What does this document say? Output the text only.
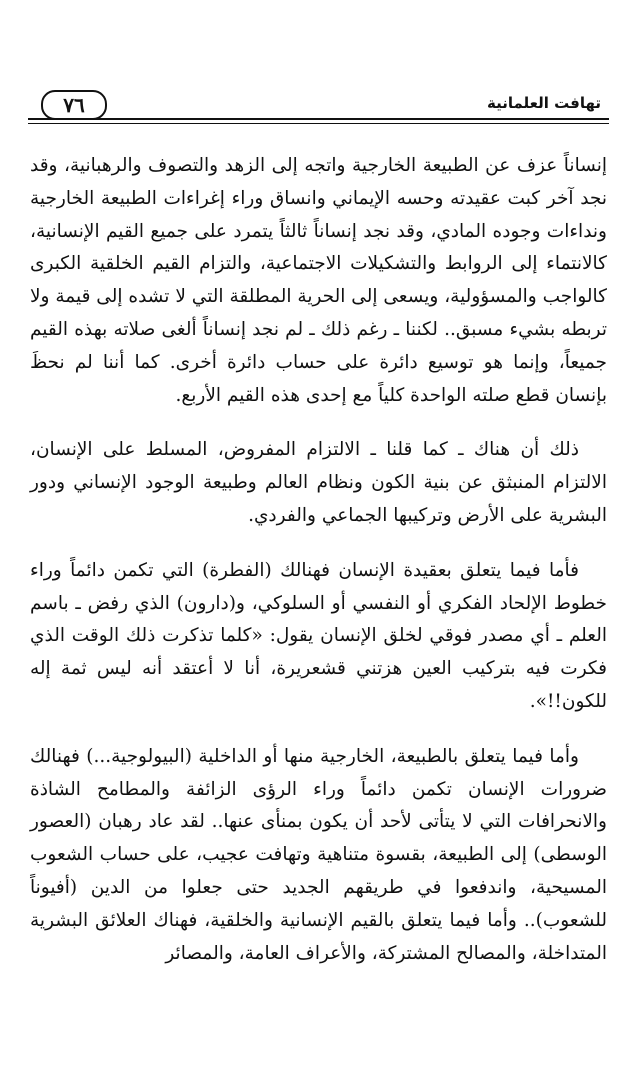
٧٦	تهافت العلمانية

إنساناً عزف عن الطبيعة الخارجية واتجه إلى الزهد والتصوف والرهبانية، وقد نجد آخر كبت عقيدته وحسه الإيماني وانساق وراء إغراءات الطبيعة الخارجية ونداءات وجوده المادي، وقد نجد إنساناً ثالثاً يتمرد على جميع القيم الإنسانية، كالانتماء إلى الروابط والتشكيلات الاجتماعية، والتزام القيم الخلقية الكبرى كالواجب والمسؤولية، ويسعى إلى الحرية المطلقة التي لا تشده إلى قيمة ولا تربطه بشيء مسبق.. لكننا ـ رغم ذلك ـ لم نجد إنساناً ألغى صلاته بهذه القيم جميعاً، وإنما هو توسيع دائرة على حساب دائرة أخرى. كما أننا لم نحظَ بإنسان قطع صلته الواحدة كلياً مع إحدى هذه القيم الأربع.

ذلك أن هناك ـ كما قلنا ـ الالتزام المفروض، المسلط على الإنسان، الالتزام المنبثق عن بنية الكون ونظام العالم وطبيعة الوجود الإنساني ودور البشرية على الأرض وتركيبها الجماعي والفردي.

فأما فيما يتعلق بعقيدة الإنسان فهنالك (الفطرة) التي تكمن دائماً وراء خطوط الإلحاد الفكري أو النفسي أو السلوكي، و(دارون) الذي رفض ـ باسم العلم ـ أي مصدر فوقي لخلق الإنسان يقول: «كلما تذكرت ذلك الوقت الذي فكرت فيه بتركيب العين هزتني قشعريرة، أنا لا أعتقد أنه ليس ثمة إله للكون!!».

وأما فيما يتعلق بالطبيعة، الخارجية منها أو الداخلية (البيولوجية...) فهنالك ضرورات الإنسان تكمن دائماً وراء الرؤى الزائفة والمطامح الشاذة والانحرافات التي لا يتأتى لأحد أن يكون بمنأى عنها.. لقد عاد رهبان (العصور الوسطى) إلى الطبيعة، بقسوة متناهية وتهافت عجيب، على حساب الشعوب المسيحية، واندفعوا في طريقهم الجديد حتى جعلوا من الدين (أفيوناً للشعوب).. وأما فيما يتعلق بالقيم الإنسانية والخلقية، فهناك العلائق البشرية المتداخلة، والمصالح المشتركة، والأعراف العامة، والمصائر
